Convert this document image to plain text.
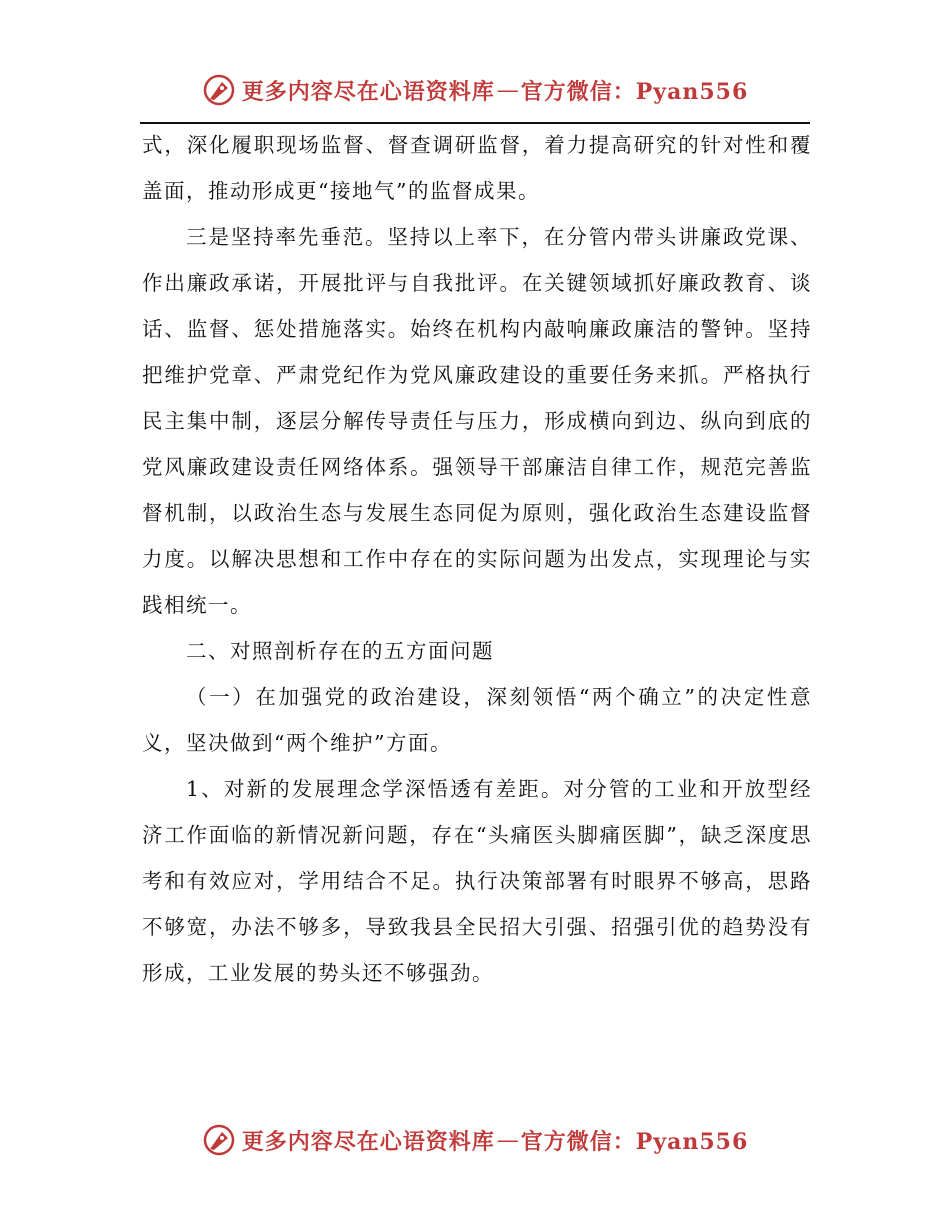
更多内容尽在心语资料库 — 官方微信：Pyan556

式，深化履职现场监督、督查调研监督，着力提高研究的针对性和覆盖面，推动形成更“接地气”的监督成果。

三是坚持率先垂范。坚持以上率下，在分管内带头讲廉政党课、作出廉政承诺，开展批评与自我批评。在关键领域抓好廉政教育、谈话、监督、惩处措施落实。始终在机构内敲响廉政廉洁的警钟。坚持把维护党章、严肃党纪作为党风廉政建设的重要任务来抓。严格执行民主集中制，逐层分解传导责任与压力，形成横向到边、纵向到底的党风廉政建设责任网络体系。强领导干部廉洁自律工作，规范完善监督机制，以政治生态与发展生态同促为原则，强化政治生态建设监督力度。以解决思想和工作中存在的实际问题为出发点，实现理论与实践相统一。

二、对照剖析存在的五方面问题

（一）在加强党的政治建设，深刻领悟“两个确立”的决定性意义，坚决做到“两个维护”方面。

1、对新的发展理念学深悟透有差距。对分管的工业和开放型经济工作面临的新情况新问题，存在“头痛医头脚痛医脚”，缺乏深度思考和有效应对，学用结合不足。执行决策部署有时眼界不够高，思路不够宽，办法不够多，导致我县全民招大引强、招强引优的趋势没有形成，工业发展的势头还不够强劲。

更多内容尽在心语资料库 — 官方微信：Pyan556
